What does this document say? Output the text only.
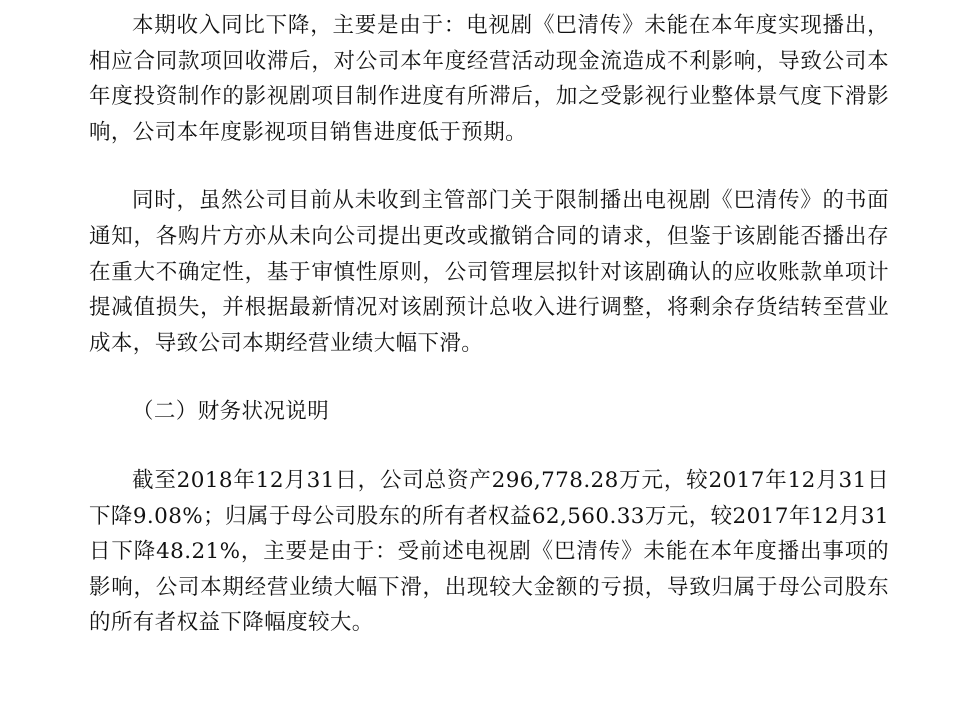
本期收入同比下降，主要是由于：电视剧《巴清传》未能在本年度实现播出，相应合同款项回收滞后，对公司本年度经营活动现金流造成不利影响，导致公司本年度投资制作的影视剧项目制作进度有所滞后，加之受影视行业整体景气度下滑影响，公司本年度影视项目销售进度低于预期。

同时，虽然公司目前从未收到主管部门关于限制播出电视剧《巴清传》的书面通知，各购片方亦从未向公司提出更改或撤销合同的请求，但鉴于该剧能否播出存在重大不确定性，基于审慎性原则，公司管理层拟针对该剧确认的应收账款单项计提减值损失，并根据最新情况对该剧预计总收入进行调整，将剩余存货结转至营业成本，导致公司本期经营业绩大幅下滑。

（二）财务状况说明

截至2018年12月31日，公司总资产296,778.28万元，较2017年12月31日下降9.08%；归属于母公司股东的所有者权益62,560.33万元，较2017年12月31日下降48.21%，主要是由于：受前述电视剧《巴清传》未能在本年度播出事项的影响，公司本期经营业绩大幅下滑，出现较大金额的亏损，导致归属于母公司股东的所有者权益下降幅度较大。
